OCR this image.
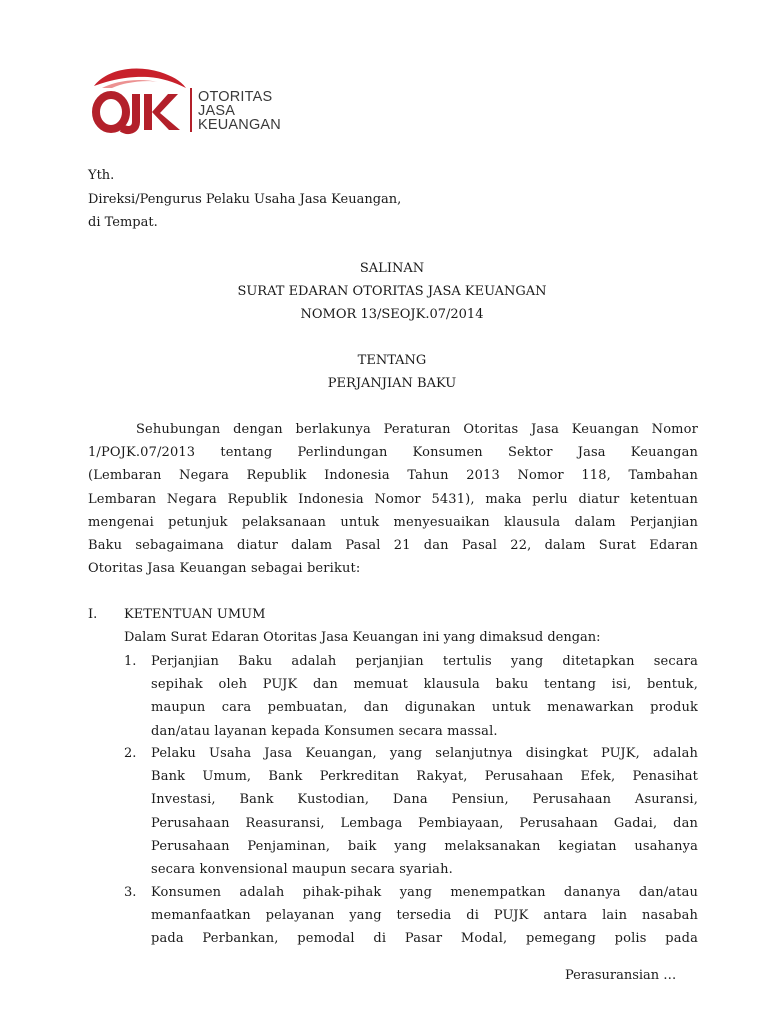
OTORITAS
JASA
KEUANGAN
Yth.
Direksi/Pengurus Pelaku Usaha Jasa Keuangan,
di Tempat.
SALINAN
SURAT EDARAN OTORITAS JASA KEUANGAN
NOMOR 13/SEOJK.07/2014
TENTANG
PERJANJIAN BAKU
Sehubungan dengan berlakunya Peraturan Otoritas Jasa Keuangan Nomor
1/POJK.07/2013 tentang Perlindungan Konsumen Sektor Jasa Keuangan
(Lembaran Negara Republik Indonesia Tahun 2013 Nomor 118, Tambahan
Lembaran Negara Republik Indonesia Nomor 5431), maka perlu diatur ketentuan
mengenai petunjuk pelaksanaan untuk menyesuaikan klausula dalam Perjanjian
Baku sebagaimana diatur dalam Pasal 21 dan Pasal 22, dalam Surat Edaran
Otoritas Jasa Keuangan sebagai berikut:
I. KETENTUAN UMUM
Dalam Surat Edaran Otoritas Jasa Keuangan ini yang dimaksud dengan:
1. Perjanjian Baku adalah perjanjian tertulis yang ditetapkan secara
sepihak oleh PUJK dan memuat klausula baku tentang isi, bentuk,
maupun cara pembuatan, dan digunakan untuk menawarkan produk
dan/atau layanan kepada Konsumen secara massal.
2. Pelaku Usaha Jasa Keuangan, yang selanjutnya disingkat PUJK, adalah
Bank Umum, Bank Perkreditan Rakyat, Perusahaan Efek, Penasihat
Investasi, Bank Kustodian, Dana Pensiun, Perusahaan Asuransi,
Perusahaan Reasuransi, Lembaga Pembiayaan, Perusahaan Gadai, dan
Perusahaan Penjaminan, baik yang melaksanakan kegiatan usahanya
secara konvensional maupun secara syariah.
3. Konsumen adalah pihak-pihak yang menempatkan dananya dan/atau
memanfaatkan pelayanan yang tersedia di PUJK antara lain nasabah
pada Perbankan, pemodal di Pasar Modal, pemegang polis pada
Perasuransian …
